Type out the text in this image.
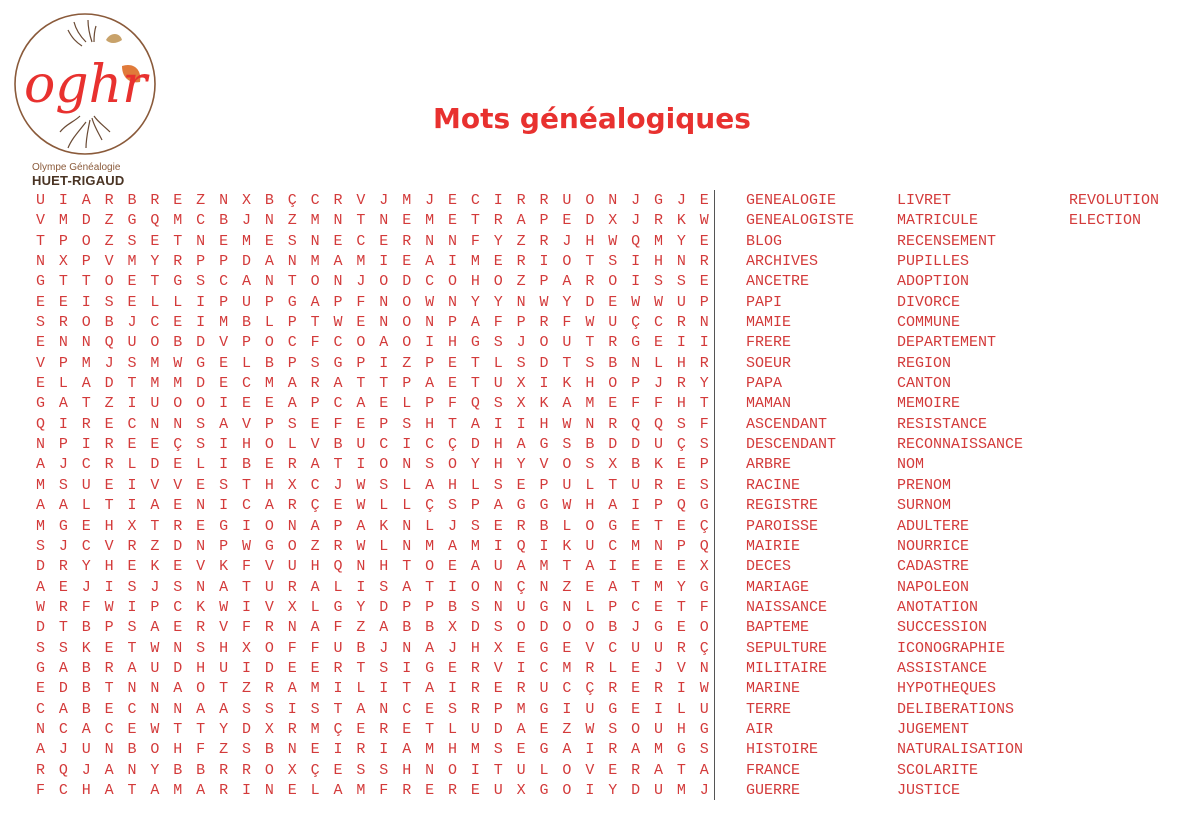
oghr
Olympe Généalogie
HUET-RIGAUD
Mots généalogiques
U I A R B R E Z N X B Ç C R V J M J E C I R R U O N J G J E
V M D Z G Q M C B J N Z M N T N E M E T R A P E D X J R K W
T P O Z S E T N E M E S N E C E R N N F Y Z R J H W Q M Y E
N X P V M Y R P P D A N M A M I E A I M E R I O T S I H N R
G T T O E T G S C A N T O N J O D C O H O Z P A R O I S S E
E E I S E L L I P U P G A P F N O W N Y Y N W Y D E W W U P
S R O B J C E I M B L P T W E N O N P A F P R F W U Ç C R N
E N N Q U O B D V P O C F C O A O I H G S J O U T R G E I I
V P M J S M W G E L B P S G P I Z P E T L S D T S B N L H R
E L A D T M M D E C M A R A T T P A E T U X I K H O P J R Y
G A T Z I U O O I E E A P C A E L P F Q S X K A M E F F H T
Q I R E C N N S A V P S E F E P S H T A I I H W N R Q Q S F
N P I R E E Ç S I H O L V B U C I C Ç D H A G S B D D U Ç S
A J C R L D E L I B E R A T I O N S O Y H Y V O S X B K E P
M S U E I V V E S T H X C J W S L A H L S E P U L T U R E S
A A L T I A E N I C A R Ç E W L L Ç S P A G G W H A I P Q G
M G E H X T R E G I O N A P A K N L J S E R B L O G E T E Ç
S J C V R Z D N P W G O Z R W L N M A M I Q I K U C M N P Q
D R Y H E K E V K F V U H Q N H T O E A U A M T A I E E E X
A E J I S J S N A T U R A L I S A T I O N Ç N Z E A T M Y G
W R F W I P C K W I V X L G Y D P P B S N U G N L P C E T F
D T B P S A E R V F R N A F Z A B B X D S O D O O B J G E O
S S K E T W N S H X O F F U B J N A J H X E G E V C U U R Ç
G A B R A U D H U I D E E R T S I G E R V I C M R L E J V N
E D B T N N A O T Z R A M I L I T A I R E R U C Ç R E R I W
C A B E C N N A A S S I S T A N C E S R P M G I U G E I L U
N C A C E W T T Y D X R M Ç E R E T L U D A E Z W S O U H G
A J U N B O H F Z S B N E I R I A M H M S E G A I R A M G S
R Q J A N Y B B R R O X Ç E S S H N O I T U L O V E R A T A
F C H A T A M A R I N E L A M F R E R E U X G O I Y D U M J
GENEALOGIE
GENEALOGISTE
BLOG
ARCHIVES
ANCETRE
PAPI
MAMIE
FRERE
SOEUR
PAPA
MAMAN
ASCENDANT
DESCENDANT
ARBRE
RACINE
REGISTRE
PAROISSE
MAIRIE
DECES
MARIAGE
NAISSANCE
BAPTEME
SEPULTURE
MILITAIRE
MARINE
TERRE
AIR
HISTOIRE
FRANCE
GUERRE
LIVRET
MATRICULE
RECENSEMENT
PUPILLES
ADOPTION
DIVORCE
COMMUNE
DEPARTEMENT
REGION
CANTON
MEMOIRE
RESISTANCE
RECONNAISSANCE
NOM
PRENOM
SURNOM
ADULTERE
NOURRICE
CADASTRE
NAPOLEON
ANOTATION
SUCCESSION
ICONOGRAPHIE
ASSISTANCE
HYPOTHEQUES
DELIBERATIONS
JUGEMENT
NATURALISATION
SCOLARITE
JUSTICE
REVOLUTION
ELECTION
